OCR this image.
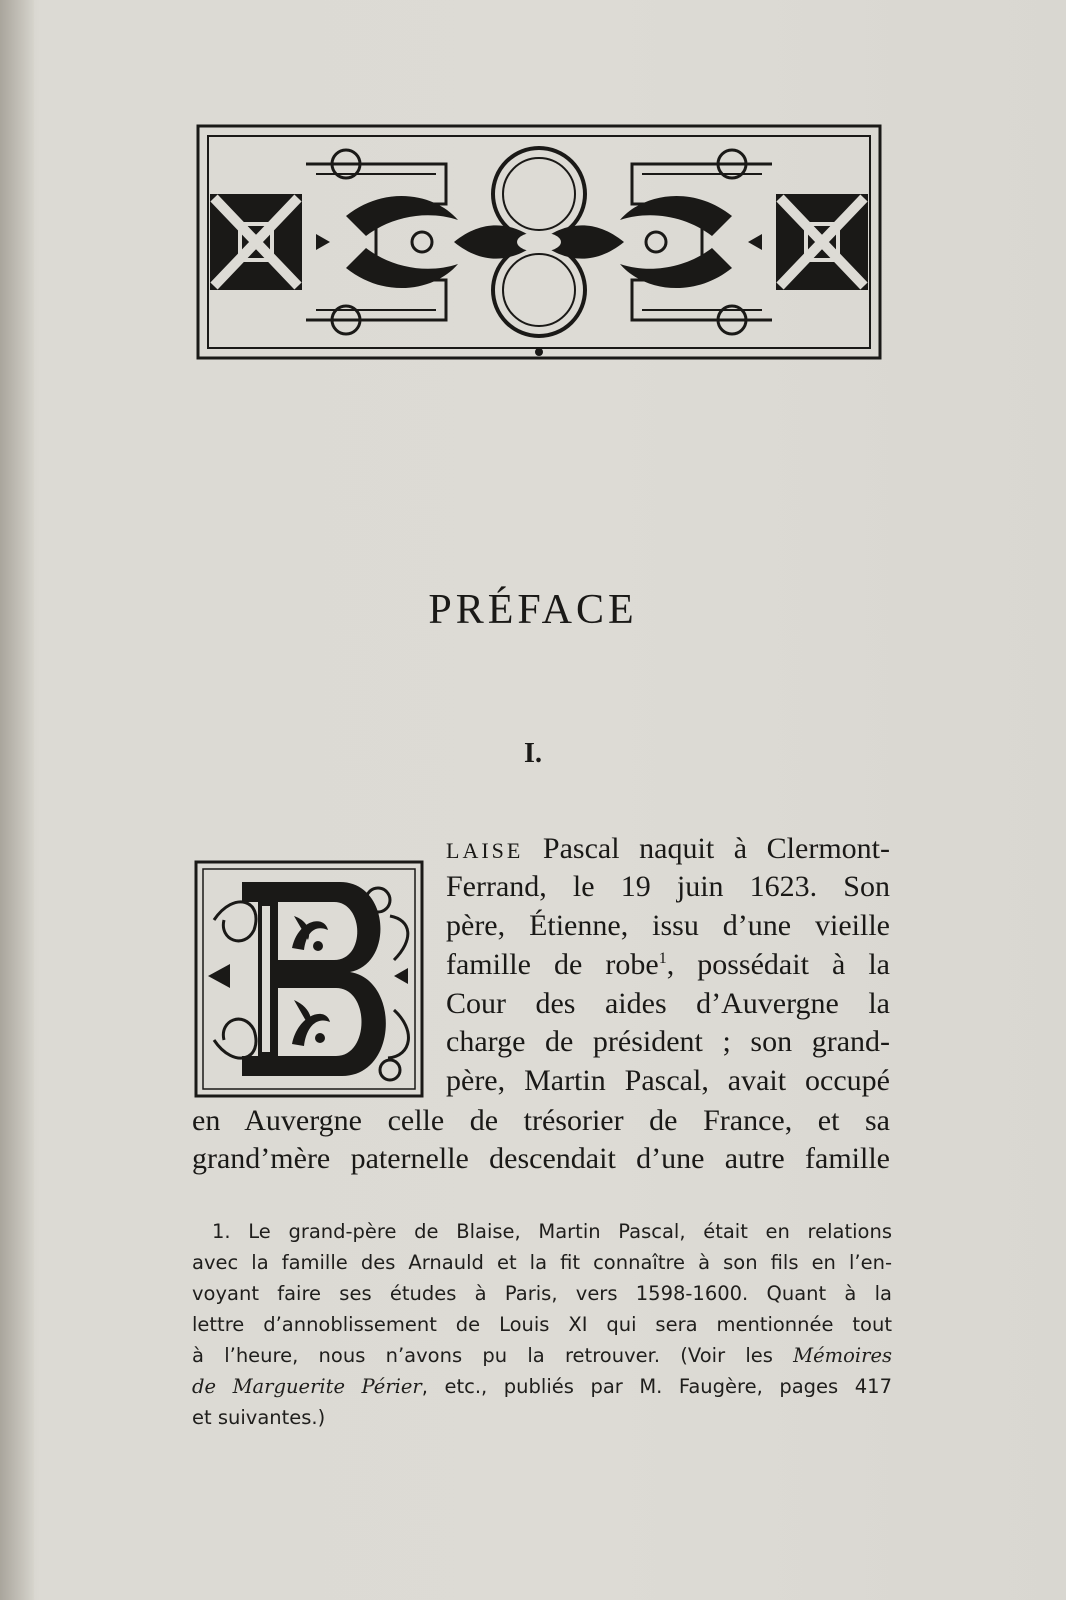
PRÉFACE
I.
LAISE Pascal naquit à Clermont-
Ferrand, le 19 juin 1623. Son
père, Étienne, issu d’une vieille
famille de robe$^1$, possédait à la
Cour des aides d’Auvergne la
charge de président ; son grand-
père, Martin Pascal, avait occupé
en Auvergne celle de trésorier de France, et sa
grand’mère paternelle descendait d’une autre famille
1. Le grand-père de Blaise, Martin Pascal, était en relations
avec la famille des Arnauld et la fit connaître à son fils en l’en-
voyant faire ses études à Paris, vers 1598-1600. Quant à la
lettre d’annoblissement de Louis XI qui sera mentionnée tout
à l’heure, nous n’avons pu la retrouver. (Voir les Mémoires
de Marguerite Périer, etc., publiés par M. Faugère, pages 417
et suivantes.)
